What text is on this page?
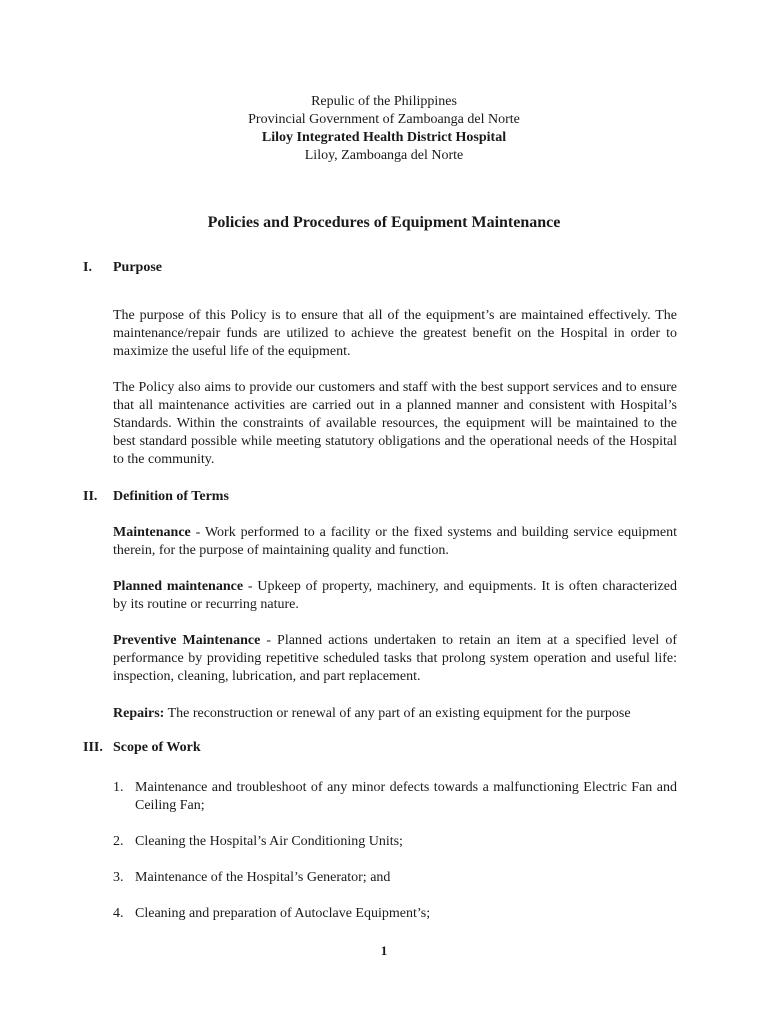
Repulic of the Philippines
Provincial Government of Zamboanga del Norte
Liloy Integrated Health District Hospital
Liloy, Zamboanga del Norte
Policies and Procedures of Equipment Maintenance
I. Purpose
The purpose of this Policy is to ensure that all of the equipment’s are maintained effectively. The maintenance/repair funds are utilized to achieve the greatest benefit on the Hospital in order to maximize the useful life of the equipment.
The Policy also aims to provide our customers and staff with the best support services and to ensure that all maintenance activities are carried out in a planned manner and consistent with Hospital’s Standards. Within the constraints of available resources, the equipment will be maintained to the best standard possible while meeting statutory obligations and the operational needs of the Hospital to the community.
II. Definition of Terms
Maintenance - Work performed to a facility or the fixed systems and building service equipment therein, for the purpose of maintaining quality and function.
Planned maintenance - Upkeep of property, machinery, and equipments. It is often characterized by its routine or recurring nature.
Preventive Maintenance - Planned actions undertaken to retain an item at a specified level of performance by providing repetitive scheduled tasks that prolong system operation and useful life: inspection, cleaning, lubrication, and part replacement.
Repairs: The reconstruction or renewal of any part of an existing equipment for the purpose
III. Scope of Work
1. Maintenance and troubleshoot of any minor defects towards a malfunctioning Electric Fan and Ceiling Fan;
2. Cleaning the Hospital’s Air Conditioning Units;
3. Maintenance of the Hospital’s Generator; and
4. Cleaning and preparation of Autoclave Equipment’s;
1
